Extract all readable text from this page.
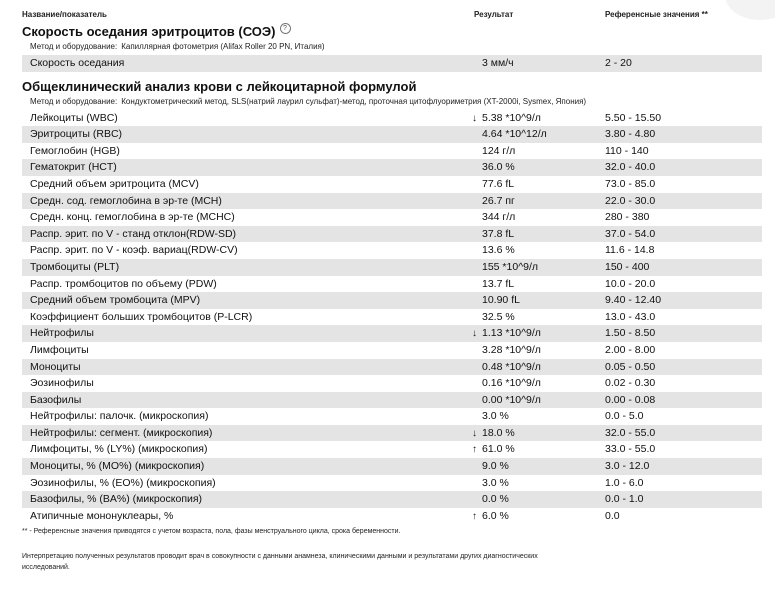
Название/показатель	Результат	Референсные значения **
Скорость оседания эритроцитов (СОЭ)	?
Метод и оборудование: Капиллярная фотометрия (Alifax Roller 20 PN, Италия)
Скорость оседания	3 мм/ч	2 - 20
Общеклинический анализ крови с лейкоцитарной формулой
Метод и оборудование: Кондуктометрический метод, SLS(натрий лаурил сульфат)-метод, проточная цитофлуориметрия (XT-2000i, Sysmex, Япония)
Лейкоциты (WBC)	↓ 5.38 *10^9/л	5.50 - 15.50
Эритроциты (RBC)	4.64 *10^12/л	3.80 - 4.80
Гемоглобин (HGB)	124 г/л	110 - 140
Гематокрит (HCT)	36.0 %	32.0 - 40.0
Средний объем эритроцита (MCV)	77.6 fL	73.0 - 85.0
Средн. сод. гемоглобина в эр-те (MCH)	26.7 пг	22.0 - 30.0
Средн. конц. гемоглобина в эр-те (MCHC)	344 г/л	280 - 380
Распр. эрит. по V - станд отклон(RDW-SD)	37.8 fL	37.0 - 54.0
Распр. эрит. по V - коэф. вариац(RDW-CV)	13.6 %	11.6 - 14.8
Тромбоциты (PLT)	155 *10^9/л	150 - 400
Распр. тромбоцитов по объему (PDW)	13.7 fL	10.0 - 20.0
Средний объем тромбоцита (MPV)	10.90 fL	9.40 - 12.40
Коэффициент больших тромбоцитов (P-LCR)	32.5 %	13.0 - 43.0
Нейтрофилы	↓ 1.13 *10^9/л	1.50 - 8.50
Лимфоциты	3.28 *10^9/л	2.00 - 8.00
Моноциты	0.48 *10^9/л	0.05 - 0.50
Эозинофилы	0.16 *10^9/л	0.02 - 0.30
Базофилы	0.00 *10^9/л	0.00 - 0.08
Нейтрофилы: палочк. (микроскопия)	3.0 %	0.0 - 5.0
Нейтрофилы: сегмент. (микроскопия)	↓ 18.0 %	32.0 - 55.0
Лимфоциты, % (LY%) (микроскопия)	↑ 61.0 %	33.0 - 55.0
Моноциты, % (MO%) (микроскопия)	9.0 %	3.0 - 12.0
Эозинофилы, % (EO%) (микроскопия)	3.0 %	1.0 - 6.0
Базофилы, % (BA%) (микроскопия)	0.0 %	0.0 - 1.0
Атипичные мононуклеары, %	↑ 6.0 %	0.0
** - Референсные значения приводятся с учетом возраста, пола, фазы менструального цикла, срока беременности.
Интерпретацию полученных результатов проводит врач в совокупности с данными анамнеза, клиническими данными и результатами других диагностических исследований.
